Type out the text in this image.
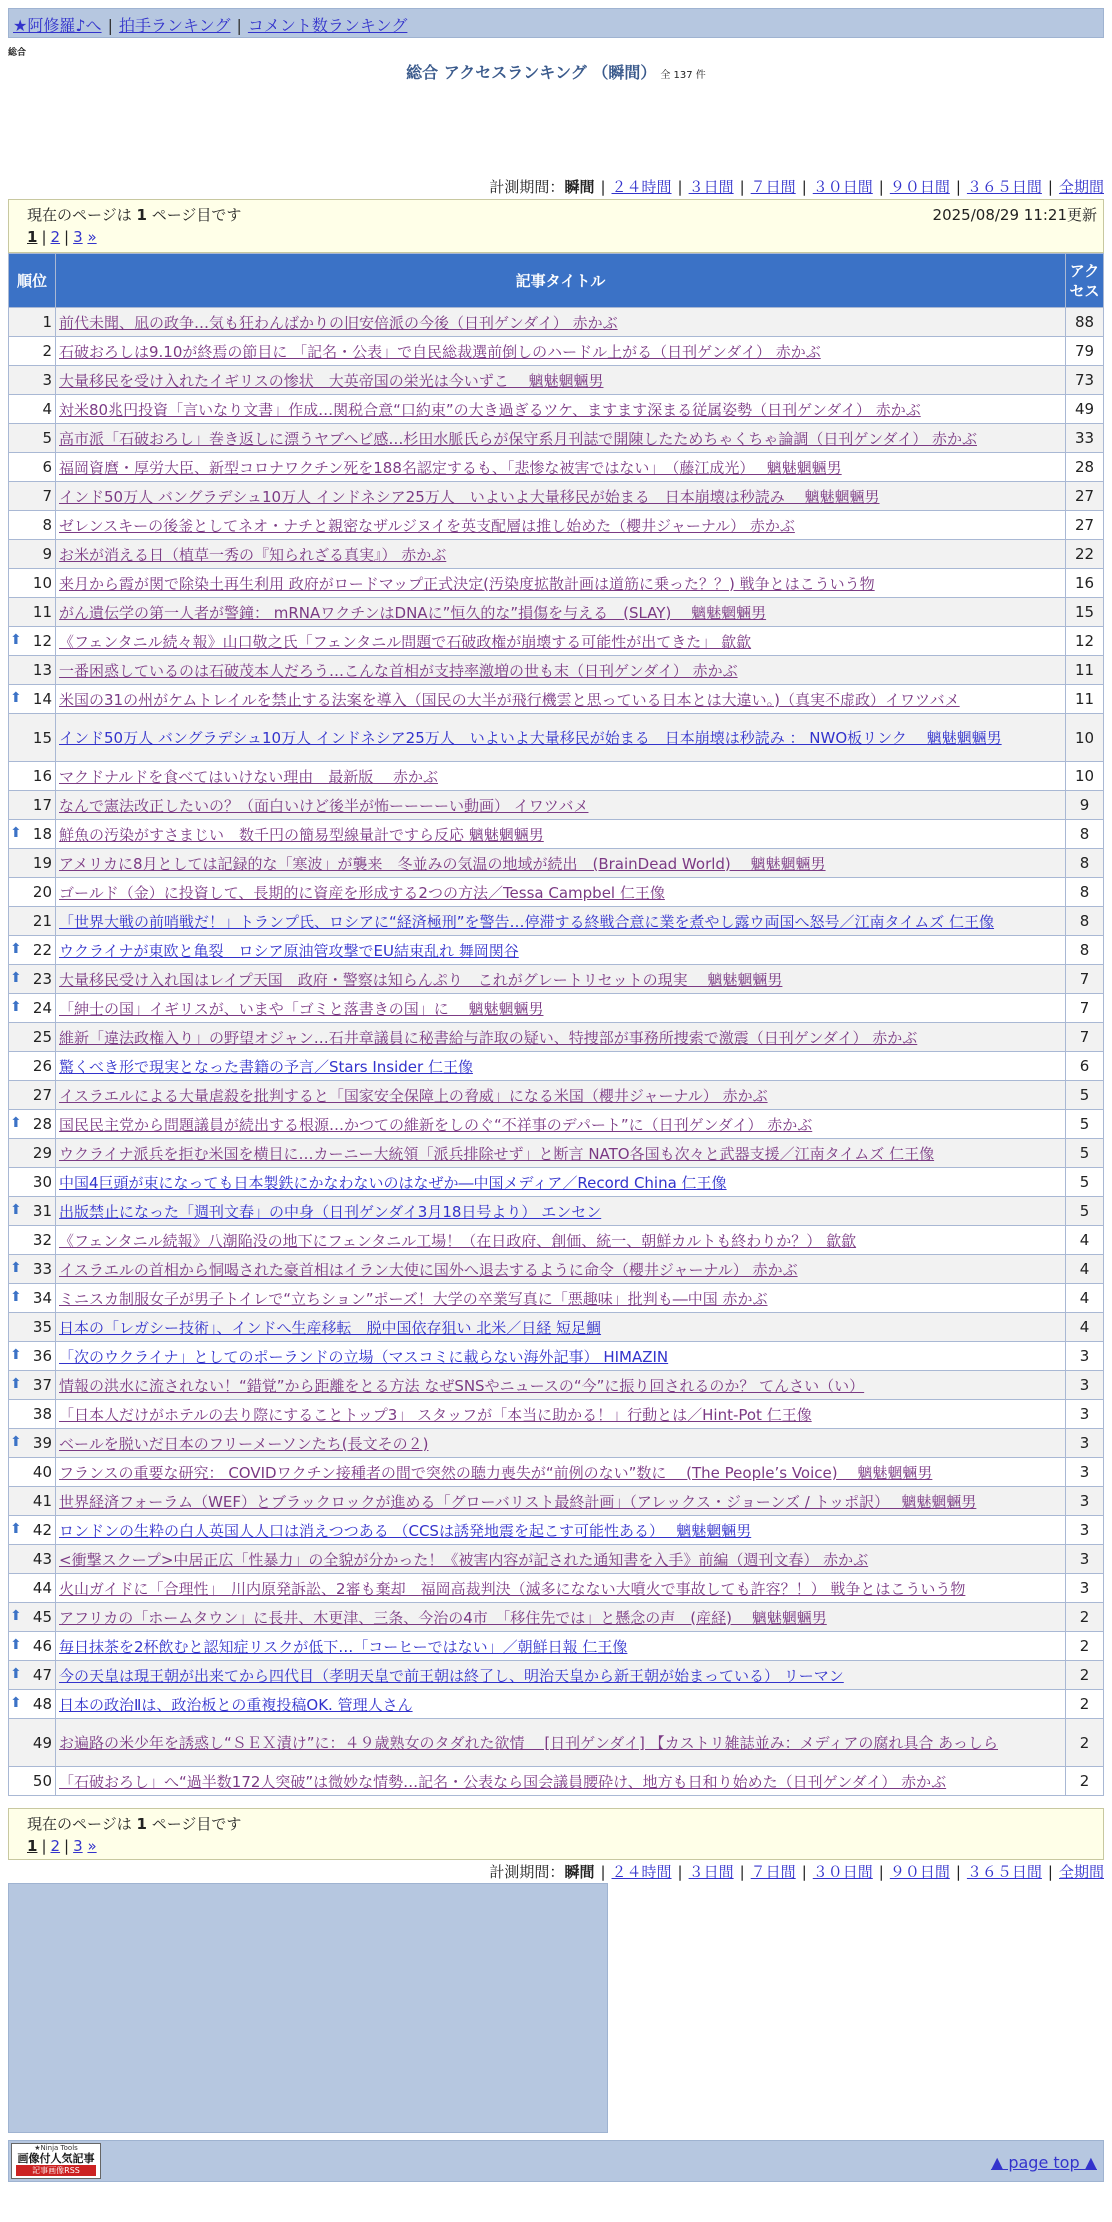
★阿修羅♪へ | 拍手ランキング | コメント数ランキング
総合
総合 アクセスランキング （瞬間） 全 137 件
計測期間：瞬間 | ２４時間 | ３日間 | ７日間 | ３０日間 | ９０日間 | ３６５日間 | 全期間
現在のページは 1 ページ目です	2025/08/29 11:21更新
1 | 2 | 3 »
順位	記事タイトル	アクセス
1	前代未聞、凪の政争…気も狂わんばかりの旧安倍派の今後（日刊ゲンダイ） 赤かぶ	88
2	石破おろしは9.10が終焉の節目に 「記名・公表」で自民総裁選前倒しのハードル上がる（日刊ゲンダイ） 赤かぶ	79
3	大量移民を受け入れたイギリスの惨状　大英帝国の栄光は今いずこ　 魑魅魍魎男	73
4	対米80兆円投資「言いなり文書」作成…関税合意“口約束”の大き過ぎるツケ、ますます深まる従属姿勢（日刊ゲンダイ） 赤かぶ	49
5	高市派「石破おろし」巻き返しに漂うヤブヘビ感…杉田水脈氏らが保守系月刊誌で開陳したためちゃくちゃ論調（日刊ゲンダイ） 赤かぶ	33
6	福岡資麿・厚労大臣、新型コロナワクチン死を188名認定するも、「悲惨な被害ではない」　（藤江成光）　 魑魅魍魎男	28
7	インド50万人 バングラデシュ10万人 インドネシア25万人　いよいよ大量移民が始まる　日本崩壊は秒読み　 魑魅魍魎男	27
8	ゼレンスキーの後釜としてネオ・ナチと親密なザルジヌイを英支配層は推し始めた（櫻井ジャーナル） 赤かぶ	27
9	お米が消える日（植草一秀の『知られざる真実』） 赤かぶ	22
10	来月から霞が関で除染土再生利用 政府がロードマップ正式決定(汚染度拡散計画は道筋に乗った？？) 戦争とはこういう物	16
11	がん遺伝学の第一人者が警鐘： mRNAワクチンはDNAに”恒久的な”損傷を与える　(SLAY)　 魑魅魍魎男	15

⬆ 12	《フェンタニル続々報》山口敬之氏「フェンタニル問題で石破政権が崩壊する可能性が出てきた」 歙歙	12
13	一番困惑しているのは石破茂本人だろう…こんな首相が支持率激増の世も末（日刊ゲンダイ） 赤かぶ	11

⬆ 14	米国の31の州がケムトレイルを禁止する法案を導入（国民の大半が飛行機雲と思っている日本とは大違い。)（真実不虚政）イワツバメ	11
15	インド50万人 バングラデシュ10万人 インドネシア25万人　いよいよ大量移民が始まる　日本崩壊は秒読み ： NWO板リンク　 魑魅魍魎男	10
16	マクドナルドを食べてはいけない理由　最新版　 赤かぶ	10
17	なんで憲法改正したいの？（面白いけど後半が怖ーーーーい動画） イワツバメ	9

⬆ 18	鮮魚の汚染がすさまじい　数千円の簡易型線量計ですら反応 魑魅魍魎男	8
19	アメリカに8月としては記録的な「寒波」が襲来　冬並みの気温の地域が続出　(BrainDead World)　 魑魅魍魎男	8
20	ゴールド（金）に投資して、長期的に資産を形成する2つの方法／Tessa Campbel 仁王像	8
21	「世界大戦の前哨戦だ！」トランプ氏、ロシアに“経済極刑”を警告…停滞する終戦合意に業を煮やし露ウ両国へ怒号／江南タイムズ 仁王像	8

⬆ 22	ウクライナが東欧と亀裂　ロシア原油管攻撃でEU結束乱れ 舞岡関谷	8

⬆ 23	大量移民受け入れ国はレイプ天国　政府・警察は知らんぷり　これがグレートリセットの現実　 魑魅魍魎男	7

⬆ 24	「紳士の国」イギリスが、いまや「ゴミと落書きの国」に　 魑魅魍魎男	7
25	維新「違法政権入り」の野望オジャン…石井章議員に秘書給与詐取の疑い、特捜部が事務所捜索で激震（日刊ゲンダイ） 赤かぶ	7
26	驚くべき形で現実となった書籍の予言／Stars Insider 仁王像	6
27	イスラエルによる大量虐殺を批判すると「国家安全保障上の脅威」になる米国（櫻井ジャーナル） 赤かぶ	5

⬆ 28	国民民主党から問題議員が続出する根源…かつての維新をしのぐ“不祥事のデパート”に（日刊ゲンダイ） 赤かぶ	5
29	ウクライナ派兵を拒む米国を横目に…カーニー大統領「派兵排除せず」と断言 NATO各国も次々と武器支援／江南タイムズ 仁王像	5
30	中国4巨頭が束になっても日本製鉄にかなわないのはなぜか―中国メディア／Record China 仁王像	5

⬆ 31	出版禁止になった「週刊文春」の中身（日刊ゲンダイ3月18日号より） エンセン	5
32	《フェンタニル続報》八潮陥没の地下にフェンタニル工場！（在日政府、創価、統一、朝鮮カルトも終わりか？） 歙歙	4

⬆ 33	イスラエルの首相から恫喝された豪首相はイラン大使に国外へ退去するように命令（櫻井ジャーナル） 赤かぶ	4

⬆ 34	ミニスカ制服女子が男子トイレで“立ちション”ポーズ！大学の卒業写真に「悪趣味」批判も―中国 赤かぶ	4
35	日本の「レガシー技術」、インドへ生産移転　脱中国依存狙い 北米／日経 短足鯛	4

⬆ 36	「次のウクライナ」としてのポーランドの立場（マスコミに載らない海外記事） HIMAZIN	3

⬆ 37	情報の洪水に流されない！“錯覚”から距離をとる方法 なぜSNSやニュースの“今”に振り回されるのか？ てんさい（い）	3
38	「日本人だけがホテルの去り際にすることトップ3」 スタッフが「本当に助かる！」行動とは／Hint-Pot 仁王像	3

⬆ 39	ベールを脱いだ日本のフリーメーソンたち(長文その２)	3
40	フランスの重要な研究： COVIDワクチン接種者の間で突然の聴力喪失が“前例のない”数に　 (The People’s Voice)　 魑魅魍魎男	3
41	世界経済フォーラム（WEF）とブラックロックが進める「グローバリスト最終計画」（アレックス・ジョーンズ / トッポ訳）　 魑魅魍魎男	3

⬆ 42	ロンドンの生粋の白人英国人人口は消えつつある （CCSは誘発地震を起こす可能性ある）　 魑魅魍魎男	3
43	<衝撃スクープ>中居正広「性暴力」の全貌が分かった！《被害内容が記された通知書を入手》前編（週刊文春） 赤かぶ	3
44	火山ガイドに「合理性」　川内原発訴訟、2審も棄却　福岡高裁判決（滅多になない大噴火で事故しても許容？！） 戦争とはこういう物	3

⬆ 45	アフリカの「ホームタウン」に長井、木更津、三条、今治の4市　「移住先では」と懸念の声　(産経)　 魑魅魍魎男	2

⬆ 46	毎日抹茶を2杯飲むと認知症リスクが低下…「コーヒーではない」／朝鮮日報 仁王像	2

⬆ 47	今の天皇は現王朝が出来てから四代目（孝明天皇で前王朝は終了し、明治天皇から新王朝が始まっている） リーマン	2

⬆ 48	日本の政治Ⅱは、政治板との重複投稿OK. 管理人さん	2
49	お遍路の米少年を誘惑し“ＳＥＸ漬け”に：４９歳熟女のタダれた欲情　 [日刊ゲンダイ] 【カストリ雑誌並み：メディアの腐れ具合 あっしら	2
50	「石破おろし」へ“過半数172人突破”は微妙な情勢…記名・公表なら国会議員腰砕け、地方も日和り始めた（日刊ゲンダイ） 赤かぶ	2
現在のページは 1 ページ目です
1 | 2 | 3 »
計測期間：瞬間 | ２４時間 | ３日間 | ７日間 | ３０日間 | ９０日間 | ３６５日間 | 全期間
★Ninja Tools
画像付人気記事
記事画像RSS	▲ page top ▲
